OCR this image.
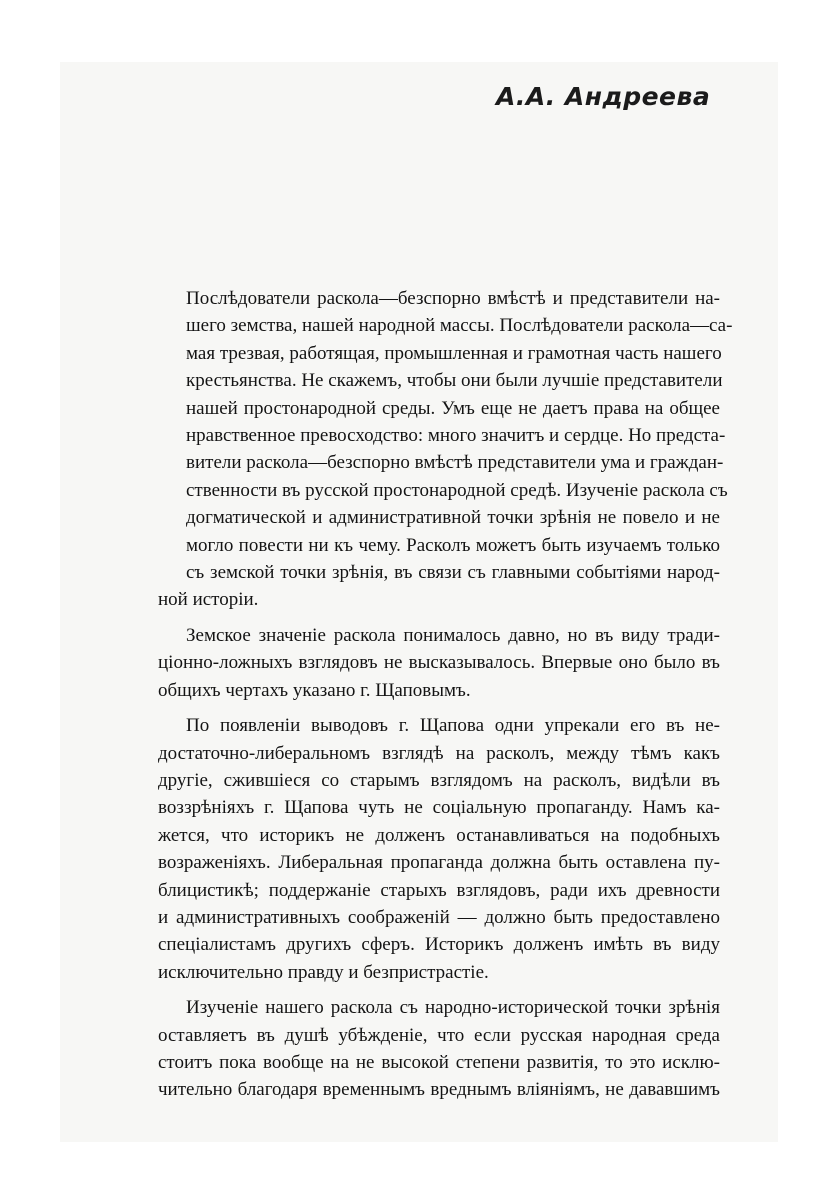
А.А. Андреева
Послѣдователи раскола—безспорно вмѣстѣ и представители на-
шего земства, нашей народной массы. Послѣдователи раскола—са-
мая трезвая, работящая, промышленная и грамотная часть нашего
крестьянства. Не скажемъ, чтобы они были лучшіе представители
нашей простонародной среды. Умъ еще не даетъ права на общее
нравственное превосходство: много значитъ и сердце. Но предста-
вители раскола—безспорно вмѣстѣ представители ума и граждан-
ственности въ русской простонародной средѣ. Изученіе раскола съ
догматической и административной точки зрѣнія не повело и не
могло повести ни къ чему. Расколъ можетъ быть изучаемъ только
съ земской точки зрѣнія, въ связи съ главными событіями народ-
ной исторіи.
Земское значеніе раскола понималось давно, но въ виду тради-
ціонно-ложныхъ взглядовъ не высказывалось. Впервые оно было въ
общихъ чертахъ указано г. Щаповымъ.
По появленіи выводовъ г. Щапова одни упрекали его въ не-
достаточно-либеральномъ взглядѣ на расколъ, между тѣмъ какъ
другіе, сжившіеся со старымъ взглядомъ на расколъ, видѣли въ
воззрѣніяхъ г. Щапова чуть не соціальную пропаганду. Намъ ка-
жется, что историкъ не долженъ останавливаться на подобныхъ
возраженіяхъ. Либеральная пропаганда должна быть оставлена пу-
блицистикѣ; поддержаніе старыхъ взглядовъ, ради ихъ древности
и административныхъ соображеній — должно быть предоставлено
спеціалистамъ другихъ сферъ. Историкъ долженъ имѣть въ виду
исключительно правду и безпристрастіе.
Изученіе нашего раскола съ народно-исторической точки зрѣнія
оставляетъ въ душѣ убѣжденіе, что если русская народная среда
стоитъ пока вообще на не высокой степени развитія, то это исклю-
чительно благодаря временнымъ вреднымъ вліяніямъ, не дававшимъ
